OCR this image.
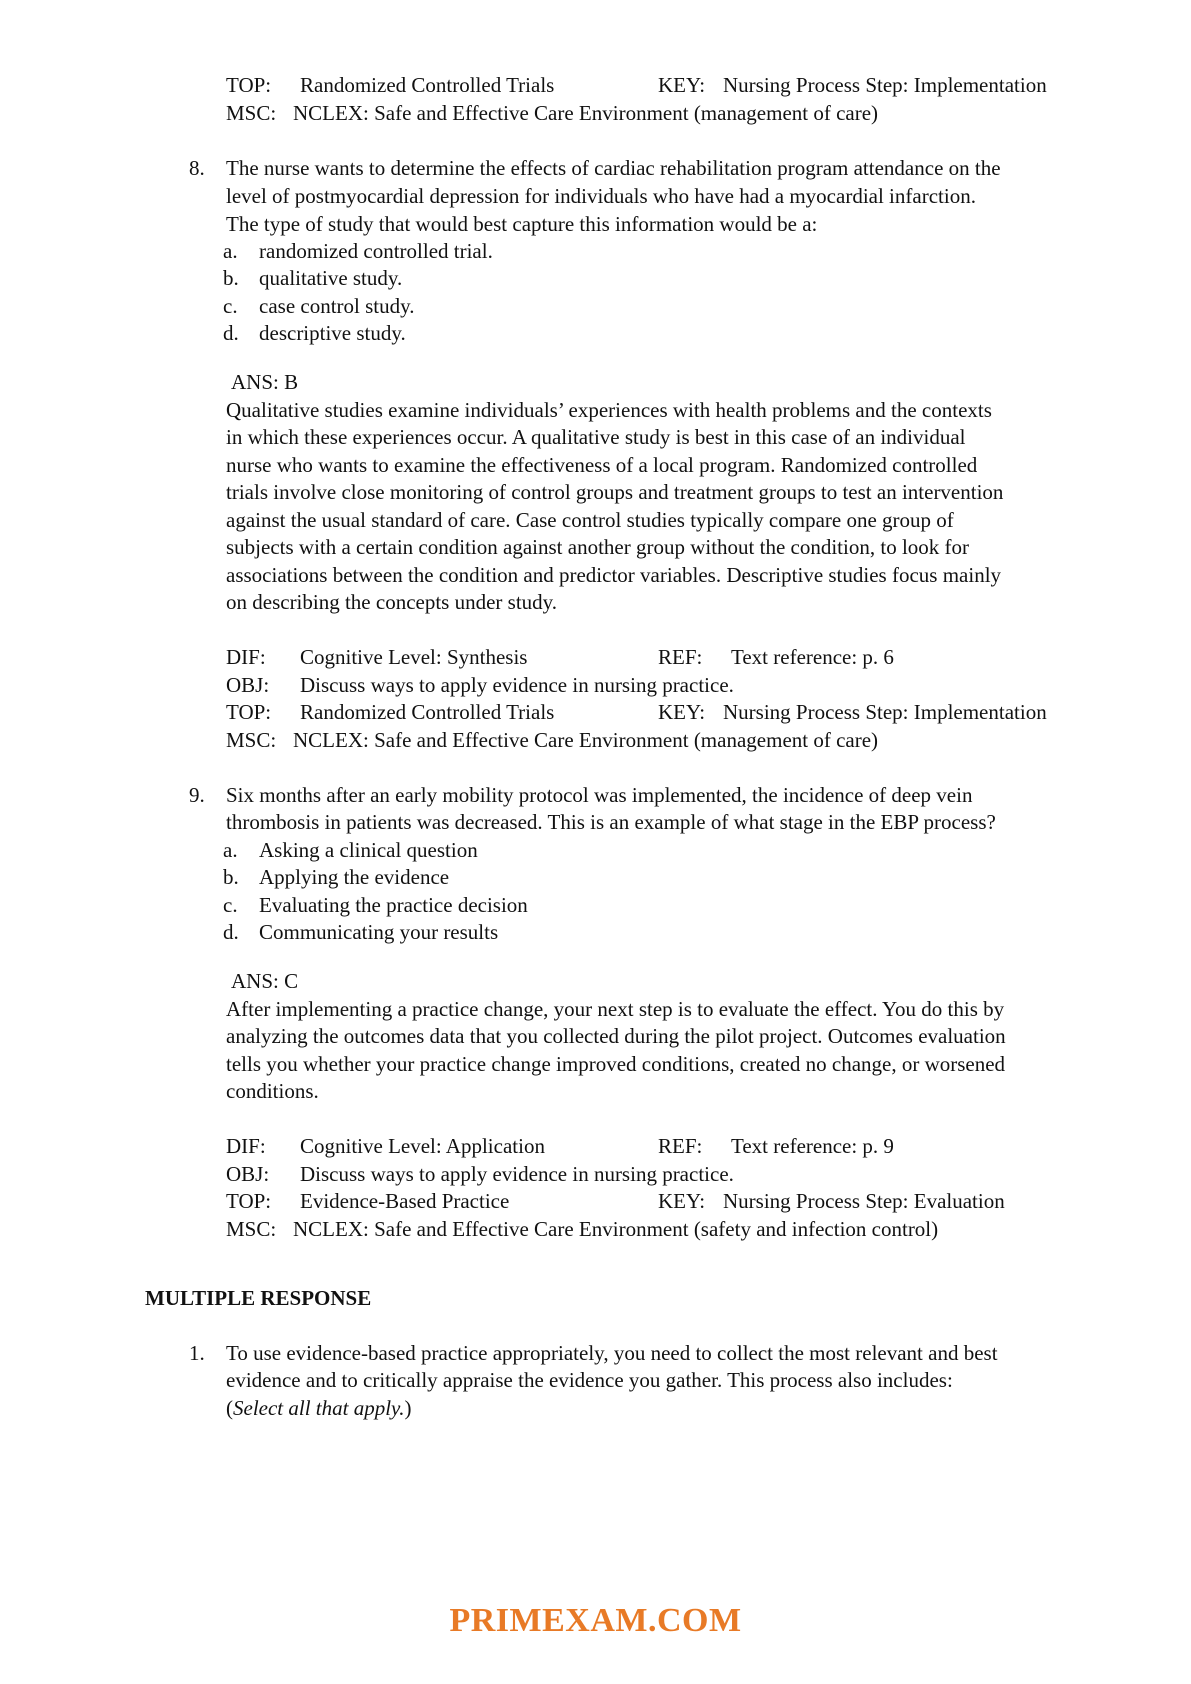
TOP: Randomized Controlled Trials	KEY: Nursing Process Step: Implementation
MSC: NCLEX: Safe and Effective Care Environment (management of care)
8. The nurse wants to determine the effects of cardiac rehabilitation program attendance on the
level of postmyocardial depression for individuals who have had a myocardial infarction.
The type of study that would best capture this information would be a:
a. randomized controlled trial.
b. qualitative study.
c. case control study.
d. descriptive study.
ANS: B
Qualitative studies examine individuals’ experiences with health problems and the contexts
in which these experiences occur. A qualitative study is best in this case of an individual
nurse who wants to examine the effectiveness of a local program. Randomized controlled
trials involve close monitoring of control groups and treatment groups to test an intervention
against the usual standard of care. Case control studies typically compare one group of
subjects with a certain condition against another group without the condition, to look for
associations between the condition and predictor variables. Descriptive studies focus mainly
on describing the concepts under study.
DIF: Cognitive Level: Synthesis	REF: Text reference: p. 6
OBJ: Discuss ways to apply evidence in nursing practice.
TOP: Randomized Controlled Trials	KEY: Nursing Process Step: Implementation
MSC: NCLEX: Safe and Effective Care Environment (management of care)
9. Six months after an early mobility protocol was implemented, the incidence of deep vein
thrombosis in patients was decreased. This is an example of what stage in the EBP process?
a. Asking a clinical question
b. Applying the evidence
c. Evaluating the practice decision
d. Communicating your results
ANS: C
After implementing a practice change, your next step is to evaluate the effect. You do this by
analyzing the outcomes data that you collected during the pilot project. Outcomes evaluation
tells you whether your practice change improved conditions, created no change, or worsened
conditions.
DIF: Cognitive Level: Application	REF: Text reference: p. 9
OBJ: Discuss ways to apply evidence in nursing practice.
TOP: Evidence-Based Practice	KEY: Nursing Process Step: Evaluation
MSC: NCLEX: Safe and Effective Care Environment (safety and infection control)
MULTIPLE RESPONSE
1. To use evidence-based practice appropriately, you need to collect the most relevant and best
evidence and to critically appraise the evidence you gather. This process also includes:
(Select all that apply.)
PRIMEXAM.COM
